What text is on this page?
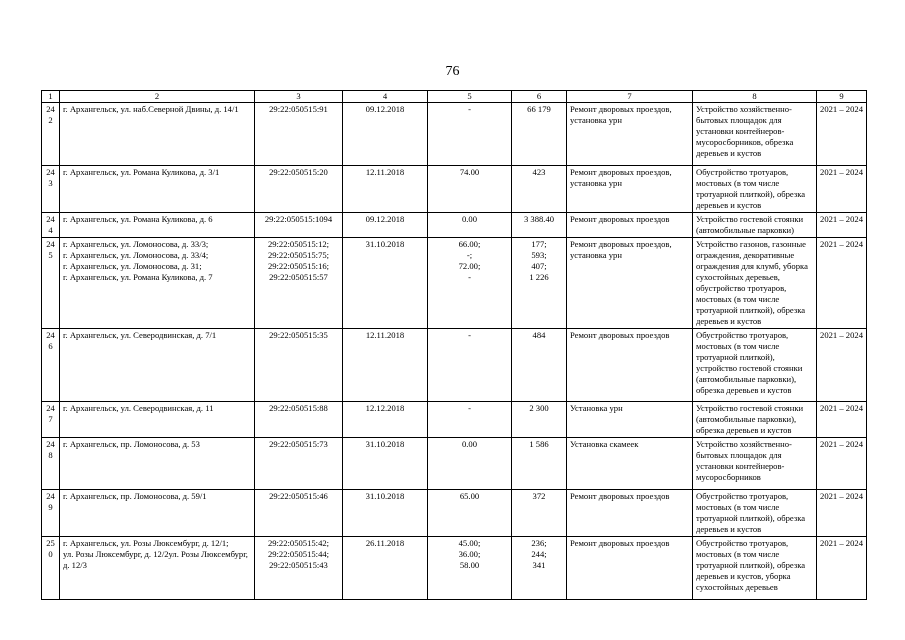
76
1	2	3	4	5	6	7	8	9
242	г. Архангельск, ул. наб.Северной Двины, д. 14/1	29:22:050515:91	09.12.2018	-	66 179	Ремонт дворовых проездов, установка урн	Устройство хозяйственно-бытовых площадок для установки контейнеров-мусоросборников, обрезка деревьев и кустов	2021 – 2024
243	г. Архангельск, ул. Романа Куликова, д. 3/1	29:22:050515:20	12.11.2018	74.00	423	Ремонт дворовых проездов, установка урн	Обустройство тротуаров, мостовых (в том числе тротуарной плиткой), обрезка деревьев и кустов	2021 – 2024
244	г. Архангельск, ул. Романа Куликова, д. 6	29:22:050515:1094	09.12.2018	0.00	3 388.40	Ремонт дворовых проездов	Устройство гостевой стоянки (автомобильные парковки)	2021 – 2024
245	г. Архангельск, ул. Ломоносова, д. 33/3;
г. Архангельск, ул. Ломоносова, д. 33/4;
г. Архангельск, ул. Ломоносова, д. 31;
г. Архангельск, ул. Романа Куликова, д. 7	29:22:050515:12;
29:22:050515:75;
29:22:050515:16;
29:22:050515:57	31.10.2018	66.00;
-;
72.00;
-	177;
593;
407;
1 226	Ремонт дворовых проездов, установка урн	Устройство газонов, газонные ограждения, декоративные ограждения для клумб, уборка сухостойных деревьев, обустройство тротуаров, мостовых (в том числе тротуарной плиткой), обрезка деревьев и кустов	2021 – 2024
246	г. Архангельск, ул. Северодвинская, д. 7/1	29:22:050515:35	12.11.2018	-	484	Ремонт дворовых проездов	Обустройство тротуаров, мостовых (в том числе тротуарной плиткой), устройство гостевой стоянки (автомобильные парковки), обрезка деревьев и кустов	2021 – 2024
247	г. Архангельск, ул. Северодвинская, д. 11	29:22:050515:88	12.12.2018	-	2 300	Установка урн	Устройство гостевой стоянки (автомобильные парковки), обрезка деревьев и кустов	2021 – 2024
248	г. Архангельск, пр. Ломоносова, д. 53	29:22:050515:73	31.10.2018	0.00	1 586	Установка скамеек	Устройство хозяйственно-бытовых площадок для установки контейнеров-мусоросборников	2021 – 2024
249	г. Архангельск, пр. Ломоносова, д. 59/1	29:22:050515:46	31.10.2018	65.00	372	Ремонт дворовых проездов	Обустройство тротуаров, мостовых (в том числе тротуарной плиткой), обрезка деревьев и кустов	2021 – 2024
250	г. Архангельск, ул. Розы Люксембург, д. 12/1;
ул. Розы Люксембург, д. 12/2ул. Розы Люксембург, д. 12/3	29:22:050515:42;
29:22:050515:44;
29:22:050515:43	26.11.2018	45.00;
36.00;
58.00	236;
244;
341	Ремонт дворовых проездов	Обустройство тротуаров, мостовых (в том числе тротуарной плиткой), обрезка деревьев и кустов, уборка сухостойных деревьев	2021 – 2024
